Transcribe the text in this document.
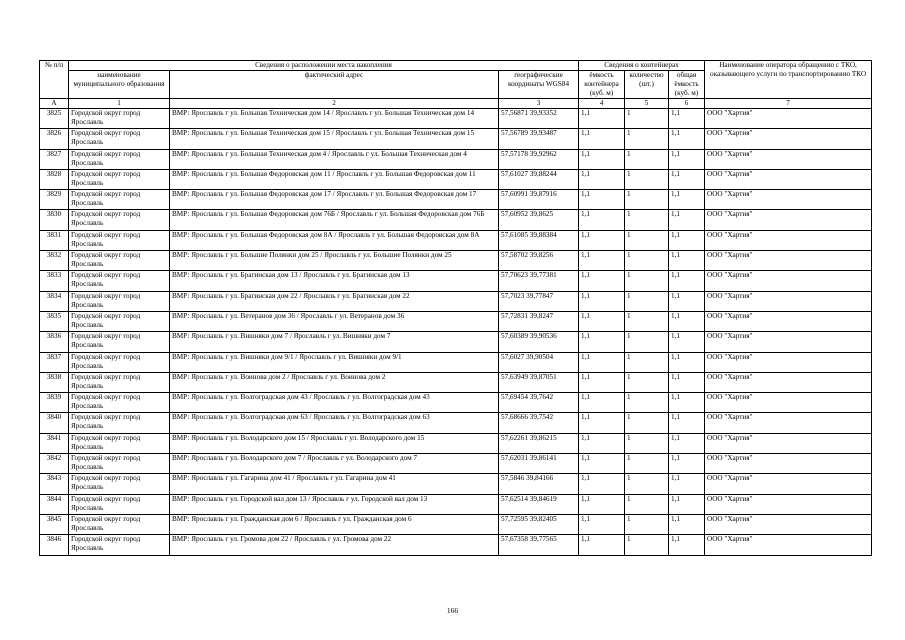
№ п/п	Сведения о расположении места накопления			Сведения о контейнерах			Наименование оператора обращению с ТКО, оказывающего услуги по транспортированию ТКО
	наименование муниципального образования	фактический адрес	географические координаты WGS84	ёмкость контейнера (куб. м)	количество (шт.)	общая ёмкость (куб. м)	
А	1	2	3	4	5	6	7
3825	Городской округ город Ярославль	ВМР: Ярославль г ул. Большая Техническая дом 14 / Ярославль г ул. Большая Техническая дом 14	57,56871 39,93352	1,1	1	1,1	ООО "Хартия"
3826	Городской округ город Ярославль	ВМР: Ярославль г ул. Большая Техническая дом 15 / Ярославль г ул. Большая Техническая дом 15	57,56789 39,93487	1,1	1	1,1	ООО "Хартия"
3827	Городской округ город Ярославль	ВМР: Ярославль г ул. Большая Техническая дом 4 / Ярославль г ул. Большая Техническая дом 4	57,57178 39,92962	1,1	1	1,1	ООО "Хартия"
3828	Городской округ город Ярославль	ВМР: Ярославль г ул. Большая Федоровская дом 11 / Ярославль г ул. Большая Федоровская дом 11	57,61027 39,88244	1,1	1	1,1	ООО "Хартия"
3829	Городской округ город Ярославль	ВМР: Ярославль г ул. Большая Федоровская дом 17 / Ярославль г ул. Большая Федоровская дом 17	57,60991 39,87916	1,1	1	1,1	ООО "Хартия"
3830	Городской округ город Ярославль	ВМР: Ярославль г ул. Большая Федоровская дом 76Б / Ярославль г ул. Большая Федоровская дом 76Б	57,60952 39,8625	1,1	1	1,1	ООО "Хартия"
3831	Городской округ город Ярославль	ВМР: Ярославль г ул. Большая Федоровская дом 8А / Ярославль г ул. Большая Федоровская дом 8А	57,61085 39,88384	1,1	1	1,1	ООО "Хартия"
3832	Городской округ город Ярославль	ВМР: Ярославль г ул. Большие Полянки дом 25 / Ярославль г ул. Большие Полянки дом 25	57,58702 39,8256	1,1	1	1,1	ООО "Хартия"
3833	Городской округ город Ярославль	ВМР: Ярославль г ул. Брагинская дом 13 / Ярославль г ул. Брагинская дом 13	57,70623 39,77381	1,1	1	1,1	ООО "Хартия"
3834	Городской округ город Ярославль	ВМР: Ярославль г ул. Брагинская дом 22 / Ярославль г ул. Брагинская дом 22	57,7023 39,77847	1,1	1	1,1	ООО "Хартия"
3835	Городской округ город Ярославль	ВМР: Ярославль г ул. Ветеранов дом 36 / Ярославль г ул. Ветеранов дом 36	57,72831 39,8247	1,1	1	1,1	ООО "Хартия"
3836	Городской округ город Ярославль	ВМР: Ярославль г ул. Вишняки дом 7 / Ярославль г ул. Вишняки дом 7	57,60389 39,90536	1,1	1	1,1	ООО "Хартия"
3837	Городской округ город Ярославль	ВМР: Ярославль г ул. Вишняки дом 9/1 / Ярославль г ул. Вишняки дом 9/1	57,6027 39,90504	1,1	1	1,1	ООО "Хартия"
3838	Городской округ город Ярославль	ВМР: Ярославль г ул. Воинова дом 2 / Ярославль г ул. Воинова дом 2	57,63949 39,87051	1,1	1	1,1	ООО "Хартия"
3839	Городской округ город Ярославль	ВМР: Ярославль г ул. Волгоградская дом 43 / Ярославль г ул. Волгоградская дом 43	57,69454 39,7642	1,1	1	1,1	ООО "Хартия"
3840	Городской округ город Ярославль	ВМР: Ярославль г ул. Волгоградская дом 63 / Ярославль г ул. Волгоградская дом 63	57,68666 39,7542	1,1	1	1,1	ООО "Хартия"
3841	Городской округ город Ярославль	ВМР: Ярославль г ул. Володарского дом 15 / Ярославль г ул. Володарского дом 15	57,62261 39,86215	1,1	1	1,1	ООО "Хартия"
3842	Городской округ город Ярославль	ВМР: Ярославль г ул. Володарского дом 7 / Ярославль г ул. Володарского дом 7	57,62031 39,86141	1,1	1	1,1	ООО "Хартия"
3843	Городской округ город Ярославль	ВМР: Ярославль г ул. Гагарина дом 41 / Ярославль г ул. Гагарина дом 41	57,5846 39,84166	1,1	1	1,1	ООО "Хартия"
3844	Городской округ город Ярославль	ВМР: Ярославль г ул. Городской вал дом 13 / Ярославль г ул. Городской вал дом 13	57,62514 39,84619	1,1	1	1,1	ООО "Хартия"
3845	Городской округ город Ярославль	ВМР: Ярославль г ул. Гражданская дом 6 / Ярославль г ул. Гражданская дом 6	57,72595 39,82405	1,1	1	1,1	ООО "Хартия"
3846	Городской округ город Ярославль	ВМР: Ярославль г ул. Громова дом 22 / Ярославль г ул. Громова дом 22	57,67358 39,77565	1,1	1	1,1	ООО "Хартия"
166
